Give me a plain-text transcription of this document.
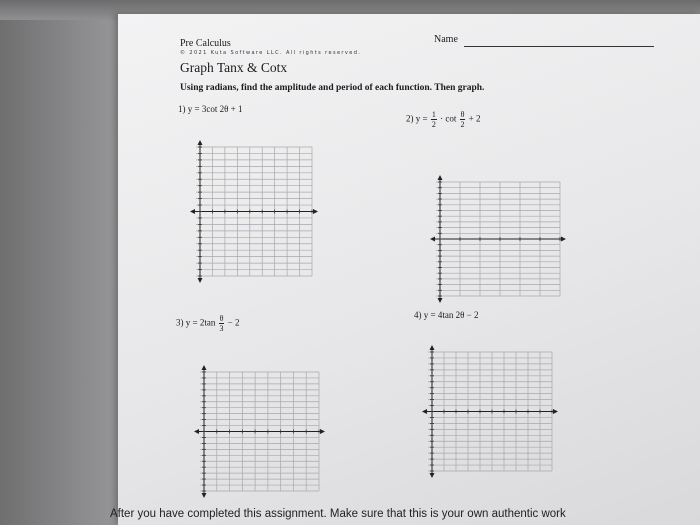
Pre Calculus
© 2021 Kuta Software LLC. All rights reserved.
Name
Graph Tanx & Cotx
Using radians, find the amplitude and period of each function. Then graph.
1) y = 3cot 2θ + 1
2) $y = \frac{1}{2} \cdot \cot \frac{\theta}{2} + 2$
3) $y = 2\tan \frac{\theta}{3} - 2$
4) y = 4tan 2θ − 2
After you have completed this assignment. Make sure that this is your own authentic work
